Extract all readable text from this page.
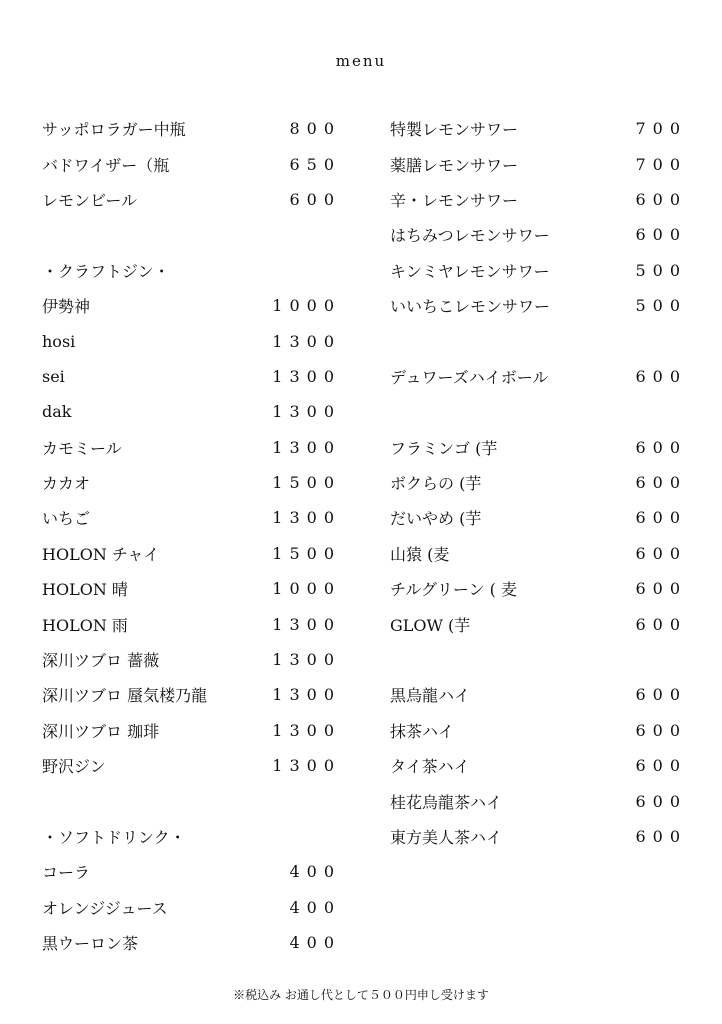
menu
サッポロラガー中瓶	800
バドワイザー（瓶	650
レモンビール	600
・クラフトジン・
伊勢神	1000
hosi	1300
sei	1300
dak	1300
カモミール	1300
カカオ	1500
いちご	1300
HOLON チャイ	1500
HOLON 晴	1000
HOLON 雨	1300
深川ツブロ 薔薇	1300
深川ツブロ 蜃気楼乃龍	1300
深川ツブロ 珈琲	1300
野沢ジン	1300
・ソフトドリンク・
コーラ	400
オレンジジュース	400
黒ウーロン茶	400
特製レモンサワー	700
薬膳レモンサワー	700
辛・レモンサワー	600
はちみつレモンサワー	600
キンミヤレモンサワー	500
いいちこレモンサワー	500
デュワーズハイボール	600
フラミンゴ (芋	600
ボクらの (芋	600
だいやめ (芋	600
山猿 (麦	600
チルグリーン ( 麦	600
GLOW (芋	600
黒烏龍ハイ	600
抹茶ハイ	600
タイ茶ハイ	600
桂花烏龍茶ハイ	600
東方美人茶ハイ	600
※税込み お通し代として５００円申し受けます
